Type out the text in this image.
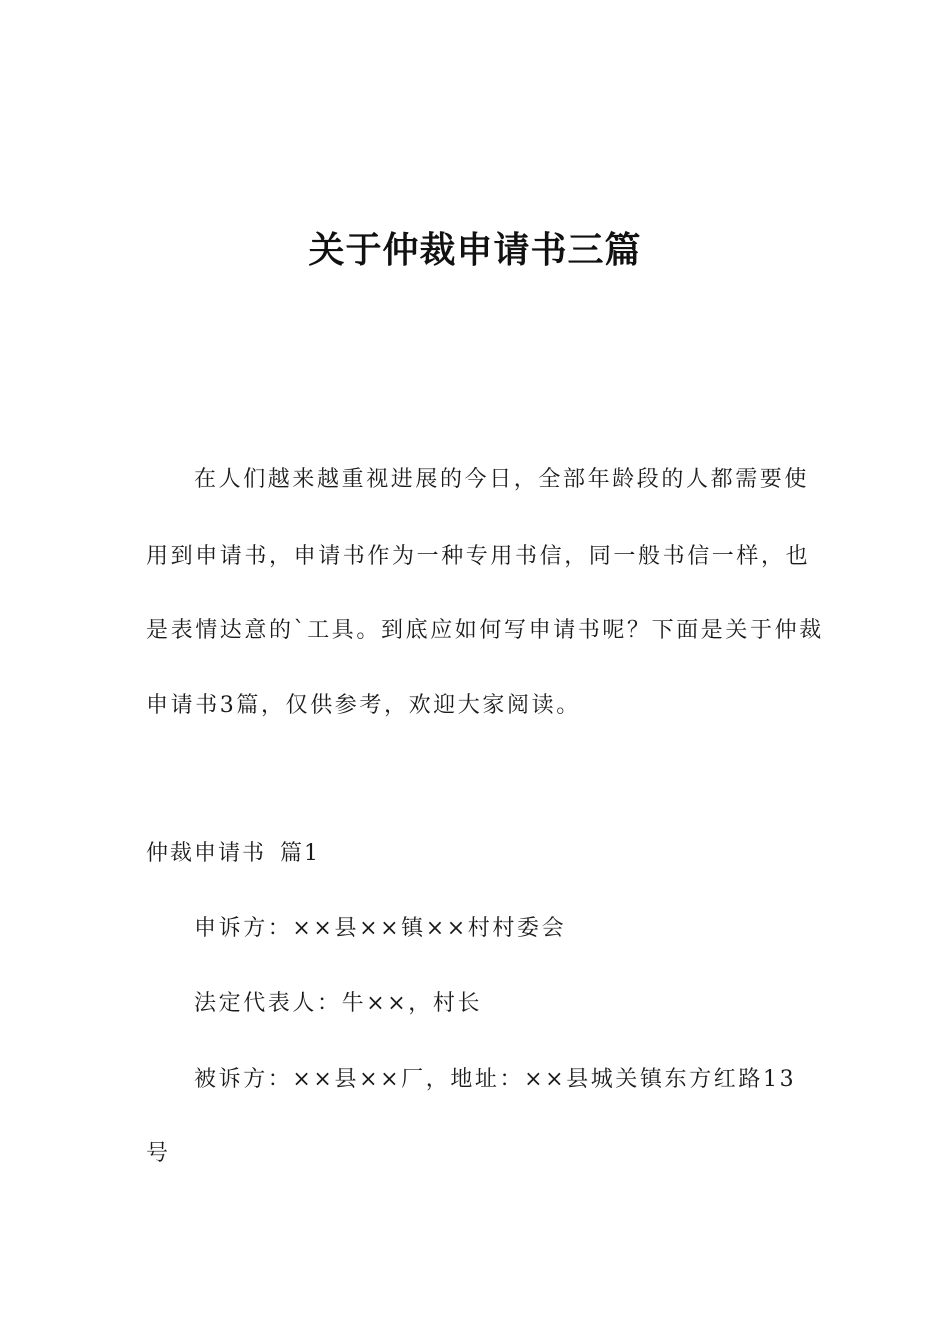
关于仲裁申请书三篇

在人们越来越重视进展的今日，全部年龄段的人都需要使

用到申请书，申请书作为一种专用书信，同一般书信一样，也

是表情达意的`工具。到底应如何写申请书呢？下面是关于仲裁

申请书3篇，仅供参考，欢迎大家阅读。

仲裁申请书 篇1

申诉方：××县××镇××村村委会

法定代表人：牛××，村长

被诉方：××县××厂，地址：××县城关镇东方红路13

号
